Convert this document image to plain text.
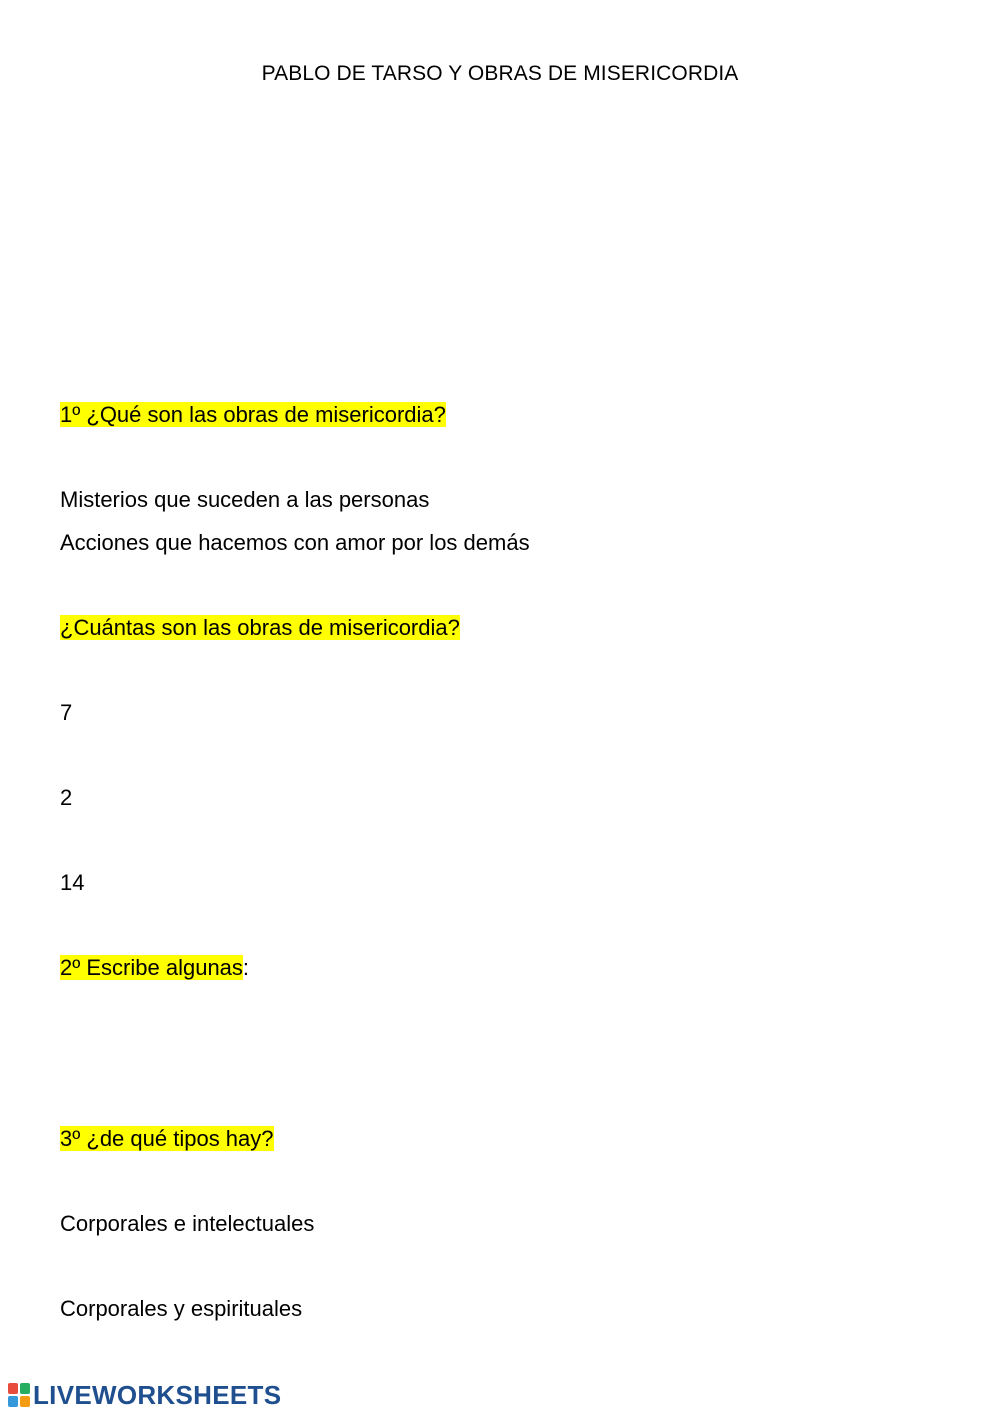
PABLO DE TARSO Y OBRAS DE MISERICORDIA
1º ¿Qué son las obras de misericordia?
Misterios que suceden a las personas
Acciones que hacemos con amor por los demás
¿Cuántas son las obras de misericordia?
7
2
14
2º Escribe algunas:
3º ¿de qué tipos hay?
Corporales e intelectuales
Corporales y espirituales
LIVEWORKSHEETS
